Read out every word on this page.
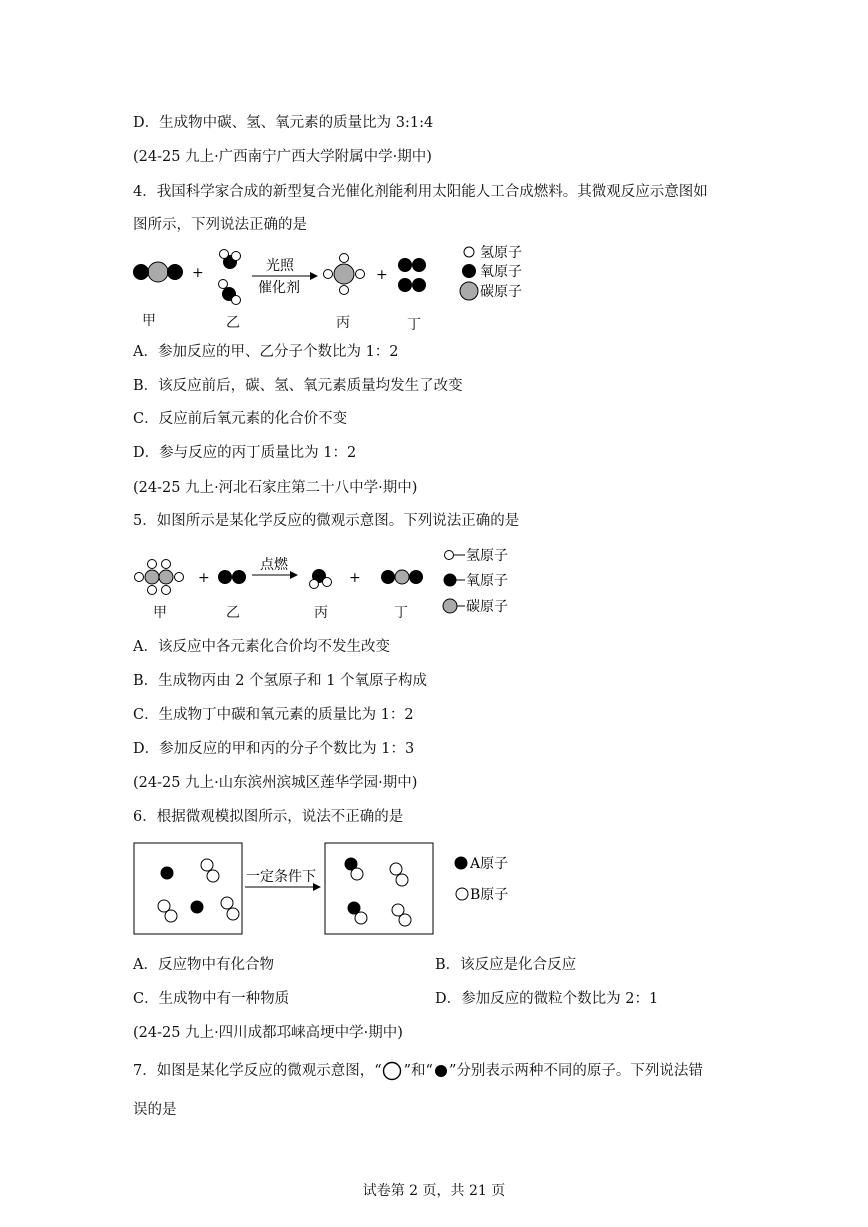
D．生成物中碳、氢、氧元素的质量比为 3:1:4
(24-25 九上·广西南宁广西大学附属中学·期中)
4．我国科学家合成的新型复合光催化剂能利用太阳能人工合成燃料。其微观反应示意图如
图所示，下列说法正确的是
+	光照
催化剂
+
氢原子
氧原子
碳原子
甲	乙	丙	丁
A．参加反应的甲、乙分子个数比为 1：2
B．该反应前后，碳、氢、氧元素质量均发生了改变
C．反应前后氧元素的化合价不变
D．参与反应的丙丁质量比为 1：2
(24-25 九上·河北石家庄第二十八中学·期中)
5．如图所示是某化学反应的微观示意图。下列说法正确的是
+
点燃
+
氢原子
氧原子
碳原子
甲	乙	丙	丁
A．该反应中各元素化合价均不发生改变
B．生成物丙由 2 个氢原子和 1 个氧原子构成
C．生成物丁中碳和氧元素的质量比为 1：2
D．参加反应的甲和丙的分子个数比为 1：3
(24-25 九上·山东滨州滨城区莲华学园·期中)
6．根据微观模拟图所示，说法不正确的是
一定条件下
A原子
B原子
A．反应物中有化合物	B．该反应是化合反应
C．生成物中有一种物质	D．参加反应的微粒个数比为 2：1
(24-25 九上·四川成都邛崃高埂中学·期中)
7．如图是某化学反应的微观示意图，“ ”和“ ”分别表示两种不同的原子。下列说法错
误的是
试卷第 2 页，共 21 页
